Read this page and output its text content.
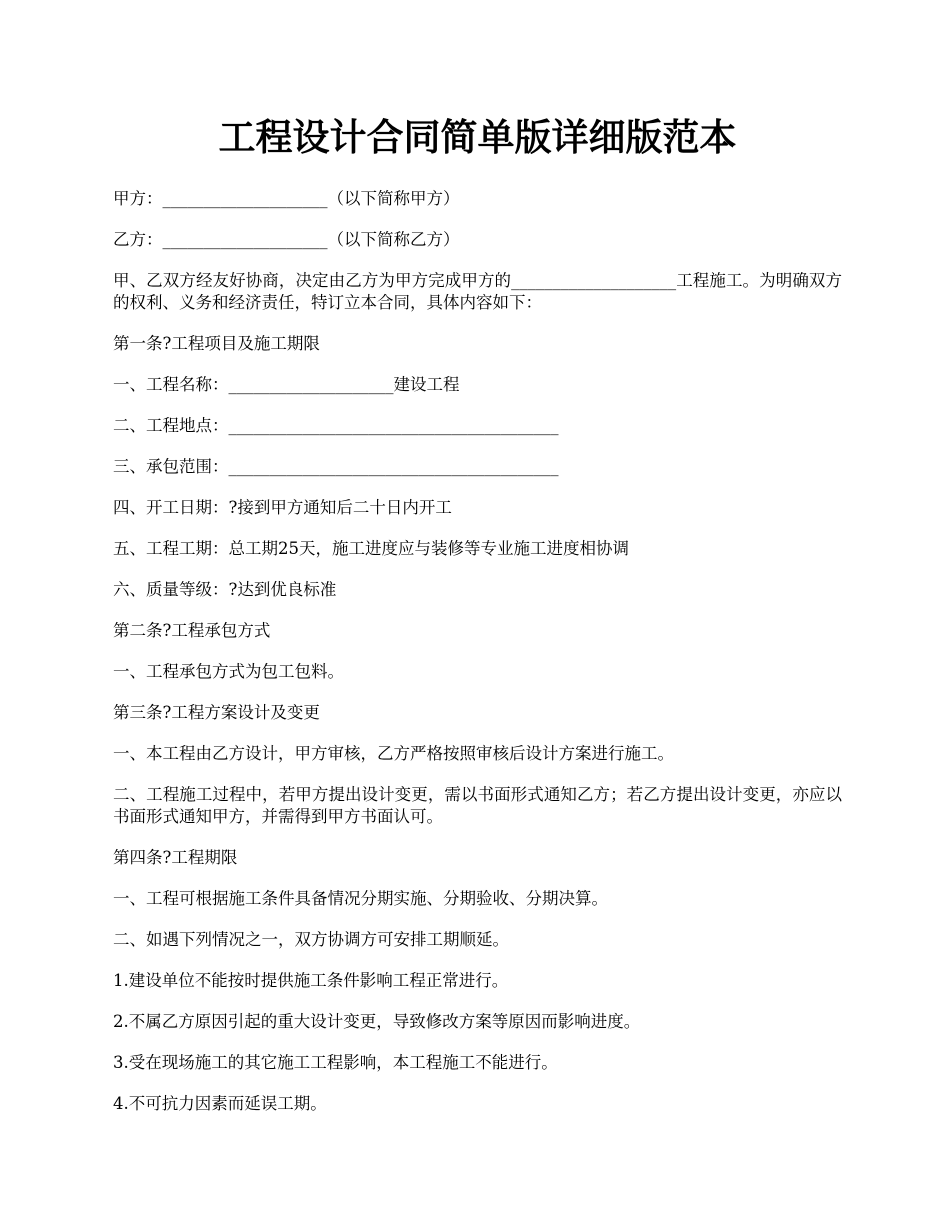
工程设计合同简单版详细版范本

甲方：____________________（以下简称甲方）

乙方：____________________（以下简称乙方）

甲、乙双方经友好协商，决定由乙方为甲方完成甲方的____________________工程施工。为明确双方的权利、义务和经济责任，特订立本合同，具体内容如下：

第一条?工程项目及施工期限

一、工程名称：____________________建设工程

二、工程地点：________________________________________

三、承包范围：________________________________________

四、开工日期：?接到甲方通知后二十日内开工

五、工程工期：总工期25天，施工进度应与装修等专业施工进度相协调

六、质量等级：?达到优良标准

第二条?工程承包方式

一、工程承包方式为包工包料。

第三条?工程方案设计及变更

一、本工程由乙方设计，甲方审核，乙方严格按照审核后设计方案进行施工。

二、工程施工过程中，若甲方提出设计变更，需以书面形式通知乙方；若乙方提出设计变更，亦应以书面形式通知甲方，并需得到甲方书面认可。

第四条?工程期限

一、工程可根据施工条件具备情况分期实施、分期验收、分期决算。

二、如遇下列情况之一，双方协调方可安排工期顺延。

1.建设单位不能按时提供施工条件影响工程正常进行。

2.不属乙方原因引起的重大设计变更，导致修改方案等原因而影响进度。

3.受在现场施工的其它施工工程影响，本工程施工不能进行。

4.不可抗力因素而延误工期。
